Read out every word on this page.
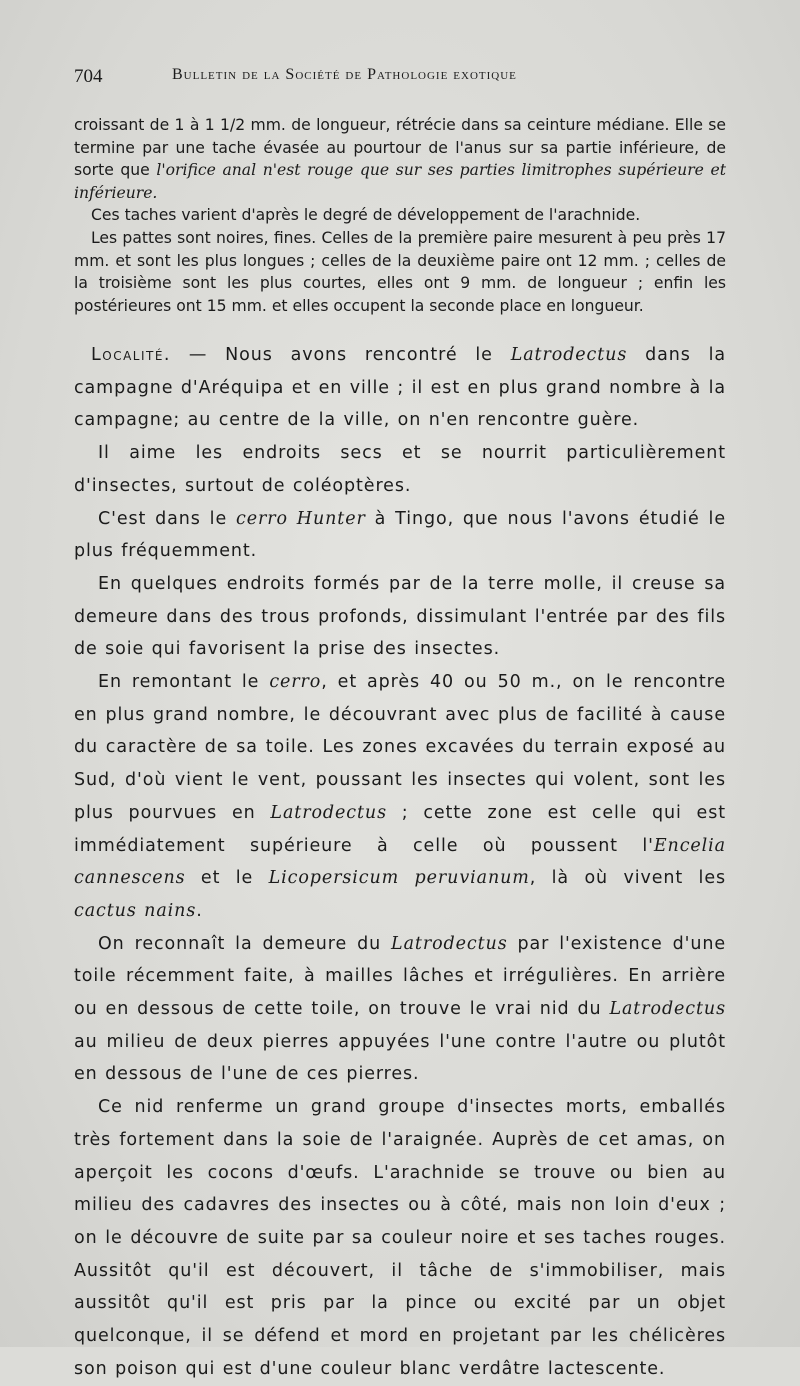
704	Bulletin de la Société de Pathologie exotique

croissant de 1 à 1 1/2 mm. de longueur, rétrécie dans sa ceinture médiane. Elle se termine par une tache évasée au pourtour de l'anus sur sa partie inférieure, de sorte que l'orifice anal n'est rouge que sur ses parties limitrophes supérieure et inférieure.

Ces taches varient d'après le degré de développement de l'arachnide.

Les pattes sont noires, fines. Celles de la première paire mesurent à peu près 17 mm. et sont les plus longues ; celles de la deuxième paire ont 12 mm. ; celles de la troisième sont les plus courtes, elles ont 9 mm. de longueur ; enfin les postérieures ont 15 mm. et elles occupent la seconde place en longueur.

Localité. — Nous avons rencontré le Latrodectus dans la campagne d'Aréquipa et en ville ; il est en plus grand nombre à la campagne; au centre de la ville, on n'en rencontre guère.

Il aime les endroits secs et se nourrit particulièrement d'insectes, surtout de coléoptères.

C'est dans le cerro Hunter à Tingo, que nous l'avons étudié le plus fréquemment.

En quelques endroits formés par de la terre molle, il creuse sa demeure dans des trous profonds, dissimulant l'entrée par des fils de soie qui favorisent la prise des insectes.

En remontant le cerro, et après 40 ou 50 m., on le rencontre en plus grand nombre, le découvrant avec plus de facilité à cause du caractère de sa toile. Les zones excavées du terrain exposé au Sud, d'où vient le vent, poussant les insectes qui volent, sont les plus pourvues en Latrodectus ; cette zone est celle qui est immédiatement supérieure à celle où poussent l'Encelia cannescens et le Licopersicum peruvianum, là où vivent les cactus nains.

On reconnaît la demeure du Latrodectus par l'existence d'une toile récemment faite, à mailles lâches et irrégulières. En arrière ou en dessous de cette toile, on trouve le vrai nid du Latrodectus au milieu de deux pierres appuyées l'une contre l'autre ou plutôt en dessous de l'une de ces pierres.

Ce nid renferme un grand groupe d'insectes morts, emballés très fortement dans la soie de l'araignée. Auprès de cet amas, on aperçoit les cocons d'œufs. L'arachnide se trouve ou bien au milieu des cadavres des insectes ou à côté, mais non loin d'eux ; on le découvre de suite par sa couleur noire et ses taches rouges. Aussitôt qu'il est découvert, il tâche de s'immobiliser, mais aussitôt qu'il est pris par la pince ou excité par un objet quelconque, il se défend et mord en projetant par les chélicères son poison qui est d'une couleur blanc verdâtre lactescente.
